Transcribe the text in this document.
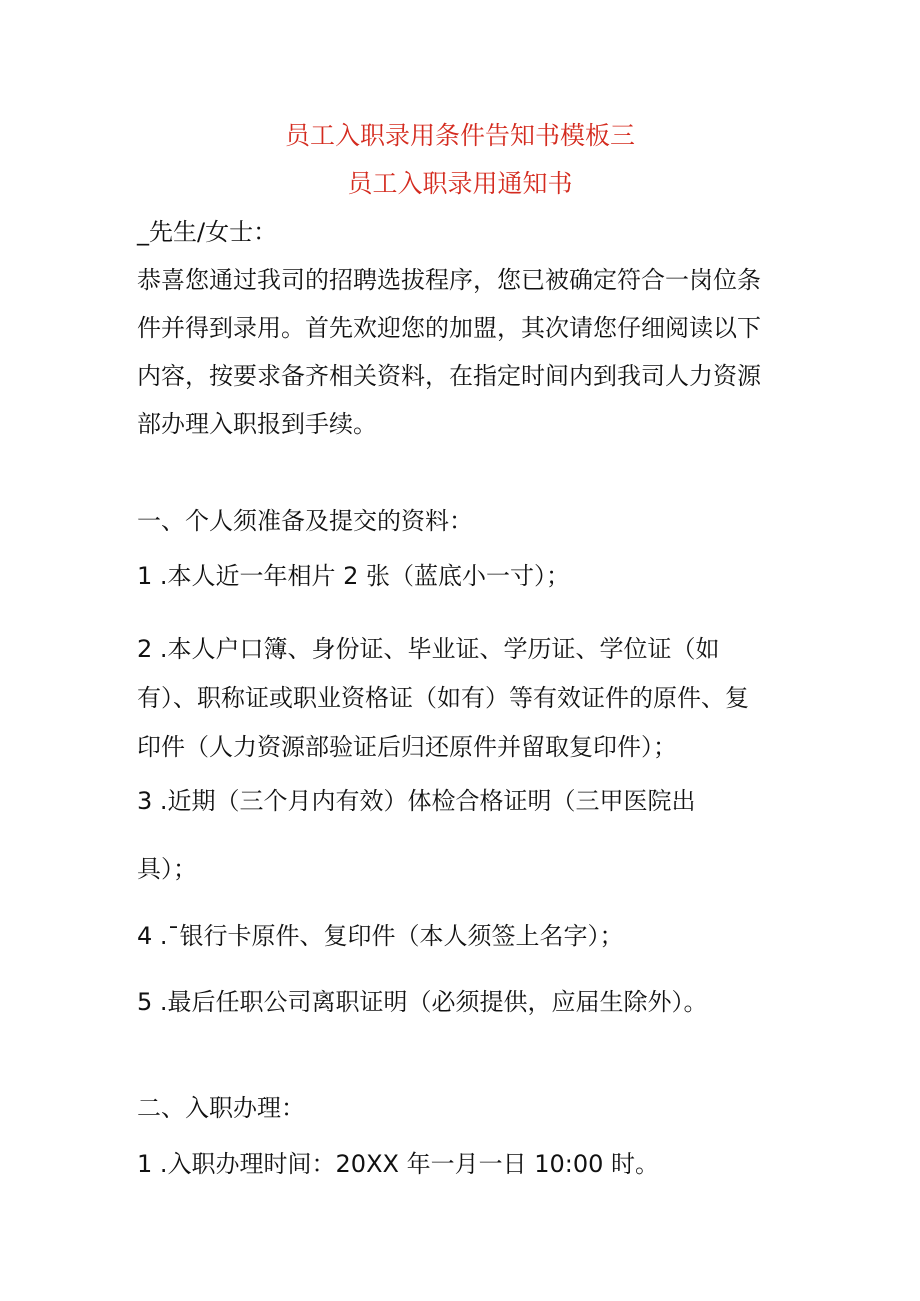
员工入职录用条件告知书模板三
员工入职录用通知书
_先生/女士：
恭喜您通过我司的招聘选拔程序，您已被确定符合一岗位条
件并得到录用。首先欢迎您的加盟，其次请您仔细阅读以下
内容，按要求备齐相关资料，在指定时间内到我司人力资源
部办理入职报到手续。
一、个人须准备及提交的资料：
1 .本人近一年相片 2 张（蓝底小一寸）；
2 .本人户口簿、身份证、毕业证、学历证、学位证（如
有）、职称证或职业资格证（如有）等有效证件的原件、复
印件（人力资源部验证后归还原件并留取复印件）；
3 .近期（三个月内有效）体检合格证明（三甲医院出
具）；
4 .¯银行卡原件、复印件（本人须签上名字）；
5 .最后任职公司离职证明（必须提供，应届生除外）。
二、入职办理：
1 .入职办理时间：20XX 年一月一日 10:00 时。
